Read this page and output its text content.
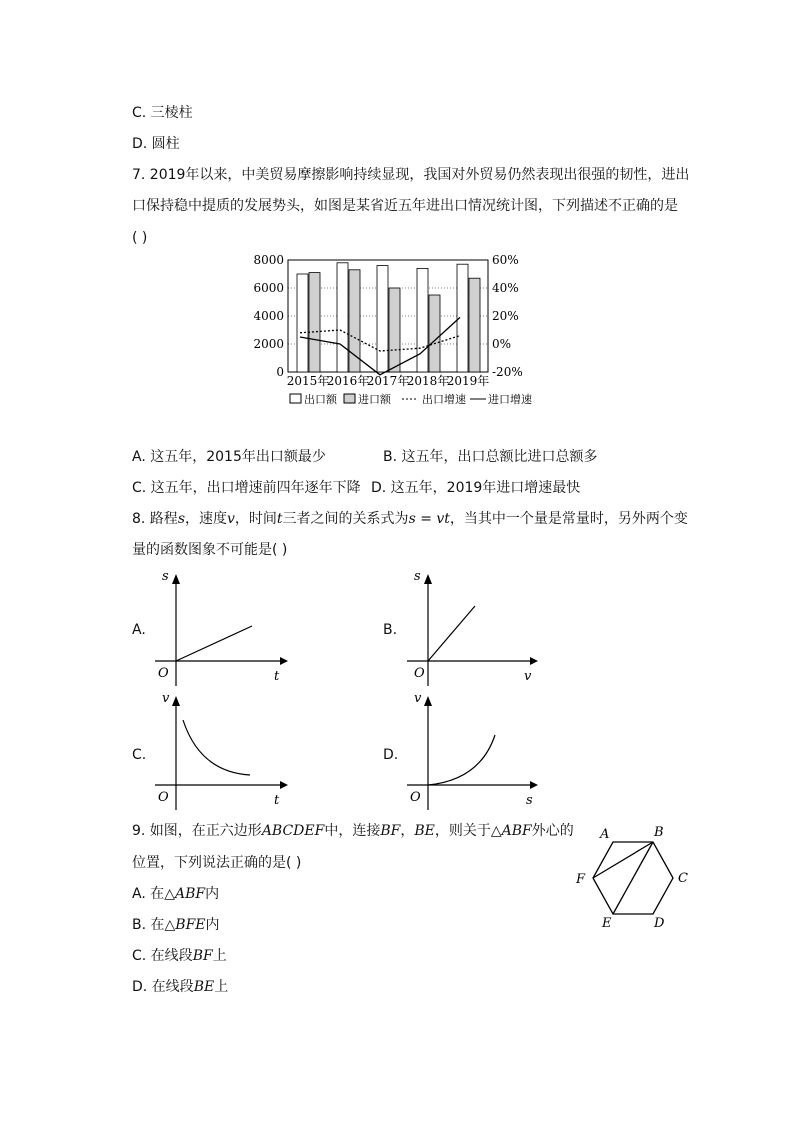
C. 三棱柱
D. 圆柱
7. 2019年以来，中美贸易摩擦影响持续显现，我国对外贸易仍然表现出很强的韧性，进出
口保持稳中提质的发展势头，如图是某省近五年进出口情况统计图，下列描述不正确的是
( )
8000
6000
4000
2000
0
60%
40%
20%
0%
-20%
2015年
2016年
2017年
2018年
2019年
出口额 进口额	出口增速 进口增速
A. 这五年，2015年出口额最少	B. 这五年，出口总额比进口总额多
C. 这五年，出口增速前四年逐年下降 D. 这五年，2019年进口增速最快
8. 路程s，速度v，时间t三者之间的关系式为s = vt，当其中一个量是常量时，另外两个变
量的函数图象不可能是( )
A.	B.
C.	D.
s
t
O
s
v
O
v
t
O
v
s
O
9. 如图，在正六边形ABCDEF中，连接BF，BE，则关于△ABF外心的
位置，下列说法正确的是( )
A. 在△ABF内
B. 在△BFE内
C. 在线段BF上
D. 在线段BE上
A	B
C
D
E
F
